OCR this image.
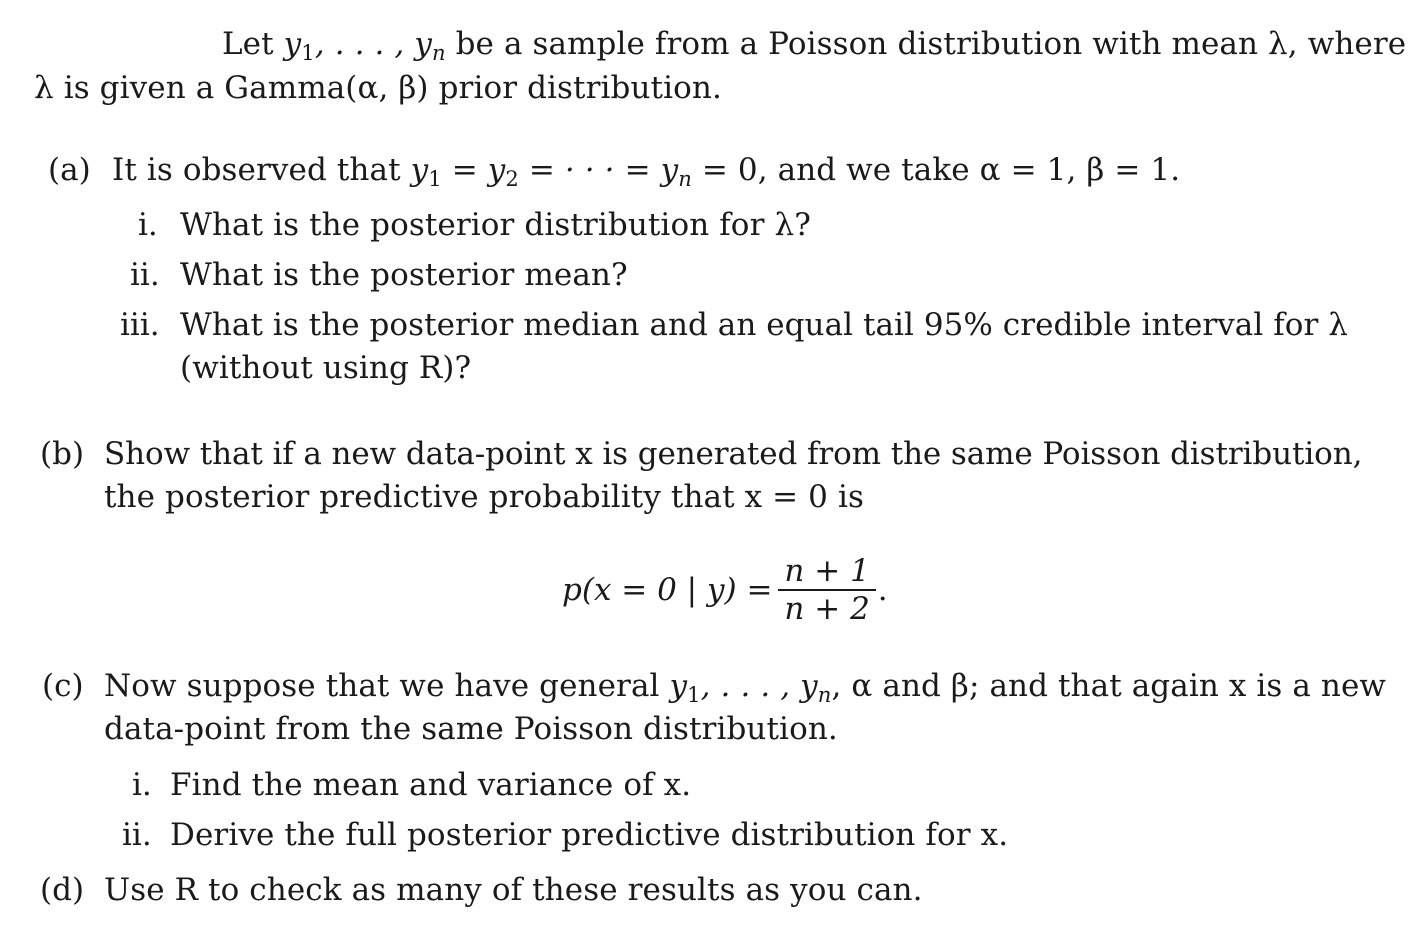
Let $y_1$, . . . , yn be a sample from a Poisson distribution with mean λ, where
λ is given a Gamma(α, β) prior distribution.
(a) It is observed that $y_1 = y_2$ = · · · = yn = 0, and we take α = 1, β = 1.
i. What is the posterior distribution for λ?
ii. What is the posterior mean?
iii. What is the posterior median and an equal tail 95% credible interval for λ
(without using R)?
(b) Show that if a new data-point x is generated from the same Poisson distribution,
the posterior predictive probability that x = 0 is
p(x = 0 | $y) = \frac{n + 1}{n + 2}$ .
(c) Now suppose that we have general $y_1$, . . . , yn, α and β; and that again x is a new
data-point from the same Poisson distribution.
i. Find the mean and variance of x.
ii. Derive the full posterior predictive distribution for x.
(d) Use R to check as many of these results as you can.
